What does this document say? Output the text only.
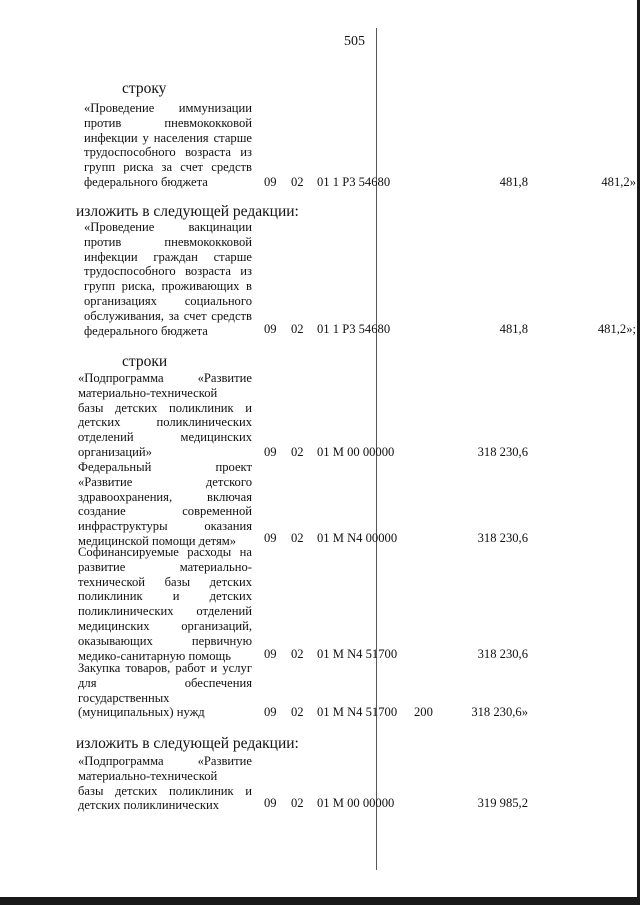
505
строку
«Проведение иммунизации
против пневмококковой
инфекции у населения старше
трудоспособного возраста из
групп риска за счет средств
федерального бюджета	09 02 01 1 Р3 54680	481,8	481,2»
изложить в следующей редакции:
«Проведение вакцинации
против пневмококковой
инфекции граждан старше
трудоспособного возраста из
групп риска, проживающих в
организациях социального
обслуживания, за счет средств
федерального бюджета	09 02 01 1 Р3 54680	481,8	481,2»;
строки
«Подпрограмма «Развитие
материально-технической
базы детских поликлиник и
детских поликлинических
отделений медицинских
организаций»	09 02 01 М 00 00000	318 230,6
Федеральный проект
«Развитие детского
здравоохранения, включая
создание современной
инфраструктуры оказания
медицинской помощи детям»	09 02 01 М N4 00000	318 230,6
Софинансируемые расходы на
развитие материально-
технической базы детских
поликлиник и детских
поликлинических отделений
медицинских организаций,
оказывающих первичную
медико-санитарную помощь	09 02 01 М N4 51700	318 230,6
Закупка товаров, работ и услуг
для обеспечения
государственных
(муниципальных) нужд	09 02 01 М N4 51700 200	318 230,6»
изложить в следующей редакции:
«Подпрограмма «Развитие
материально-технической
базы детских поликлиник и
детских поликлинических	09 02 01 М 00 00000	319 985,2
